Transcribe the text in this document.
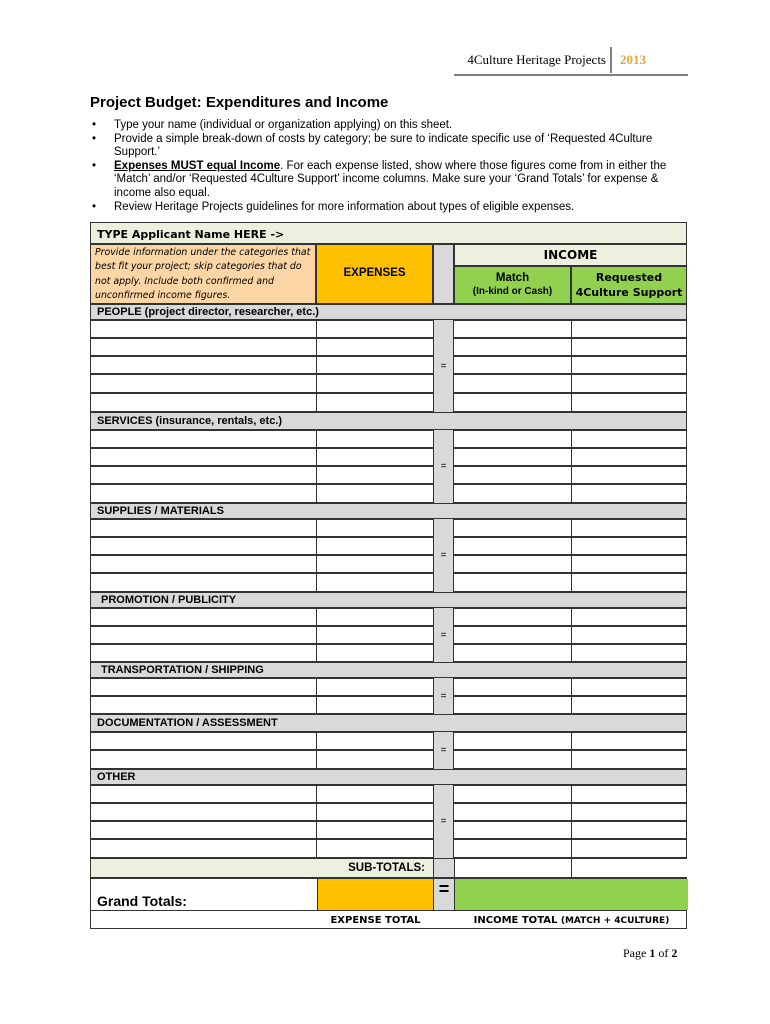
4Culture Heritage Projects 2013
Project Budget: Expenditures and Income
• Type your name (individual or organization applying) on this sheet.
• Provide a simple break-down of costs by category; be sure to indicate specific use of ‘Requested 4Culture Support.’
• Expenses MUST equal Income. For each expense listed, show where those figures come from in either the ‘Match’ and/or ‘Requested 4Culture Support’ income columns. Make sure your ‘Grand Totals’ for expense & income also equal.
• Review Heritage Projects guidelines for more information about types of eligible expenses.
TYPE Applicant Name HERE ->
Provide information under the categories that best fit your project; skip categories that do not apply. Include both confirmed and unconfirmed income figures.
EXPENSES
INCOME
Match
(In-kind or Cash)
Requested
4Culture Support
PEOPLE (project director, researcher, etc.)
=
SERVICES (insurance, rentals, etc.)
=
SUPPLIES / MATERIALS
=
PROMOTION / PUBLICITY
=
TRANSPORTATION / SHIPPING
=
DOCUMENTATION / ASSESSMENT
=
OTHER
=
SUB-TOTALS:
Grand Totals:
=
EXPENSE TOTAL	INCOME TOTAL (MATCH + 4CULTURE)
Page 1 of 2
